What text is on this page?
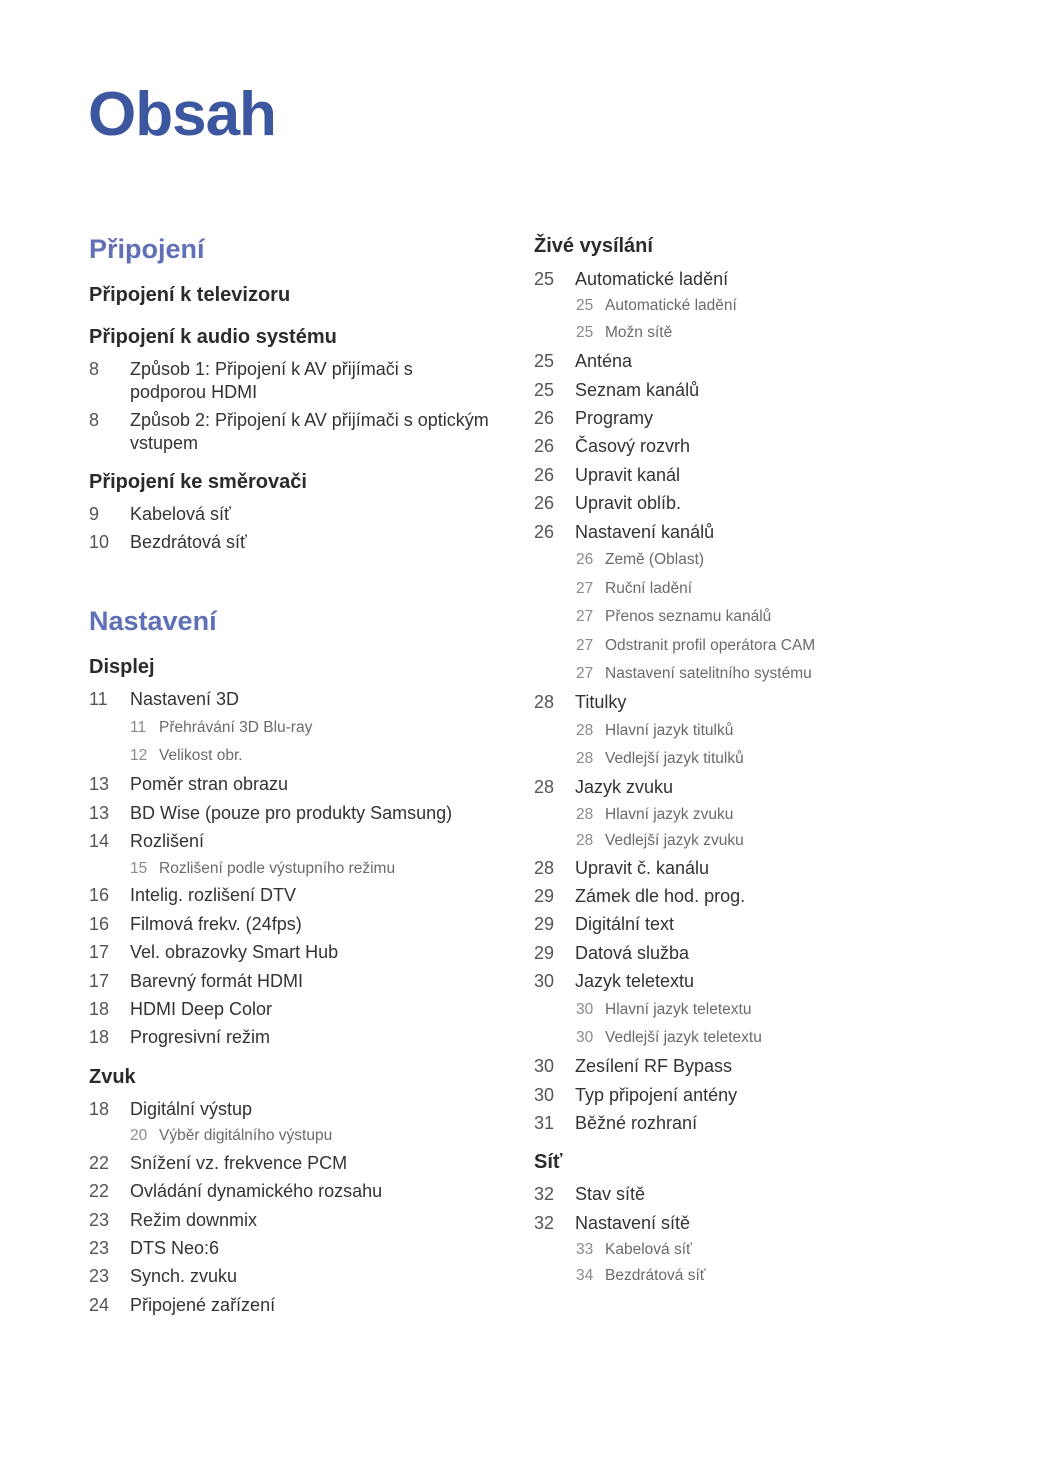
Obsah
Připojení
Připojení k televizoru
Připojení k audio systému
8	Způsob 1: Připojení k AV přijímači s podporou HDMI
8	Způsob 2: Připojení k AV přijímači s optickým vstupem
Připojení ke směrovači
9	Kabelová síť
10	Bezdrátová síť
Nastavení
Displej
11	Nastavení 3D
11 Přehrávání 3D Blu-ray
12 Velikost obr.
13	Poměr stran obrazu
13	BD Wise (pouze pro produkty Samsung)
14	Rozlišení
15 Rozlišení podle výstupního režimu
16	Intelig. rozlišení DTV
16	Filmová frekv. (24fps)
17	Vel. obrazovky Smart Hub
17	Barevný formát HDMI
18	HDMI Deep Color
18	Progresivní režim
Zvuk
18	Digitální výstup
20 Výběr digitálního výstupu
22	Snížení vz. frekvence PCM
22	Ovládání dynamického rozsahu
23	Režim downmix
23	DTS Neo:6
23	Synch. zvuku
24	Připojené zařízení
Živé vysílání
25	Automatické ladění
25 Automatické ladění
25 Možn sítě
25	Anténa
25	Seznam kanálů
26	Programy
26	Časový rozvrh
26	Upravit kanál
26	Upravit oblíb.
26	Nastavení kanálů
26 Země (Oblast)
27 Ruční ladění
27 Přenos seznamu kanálů
27 Odstranit profil operátora CAM
27 Nastavení satelitního systému
28	Titulky
28 Hlavní jazyk titulků
28 Vedlejší jazyk titulků
28	Jazyk zvuku
28 Hlavní jazyk zvuku
28 Vedlejší jazyk zvuku
28	Upravit č. kanálu
29	Zámek dle hod. prog.
29	Digitální text
29	Datová služba
30	Jazyk teletextu
30 Hlavní jazyk teletextu
30 Vedlejší jazyk teletextu
30	Zesílení RF Bypass
30	Typ připojení antény
31	Běžné rozhraní
Síť
32	Stav sítě
32	Nastavení sítě
33 Kabelová síť
34 Bezdrátová síť
